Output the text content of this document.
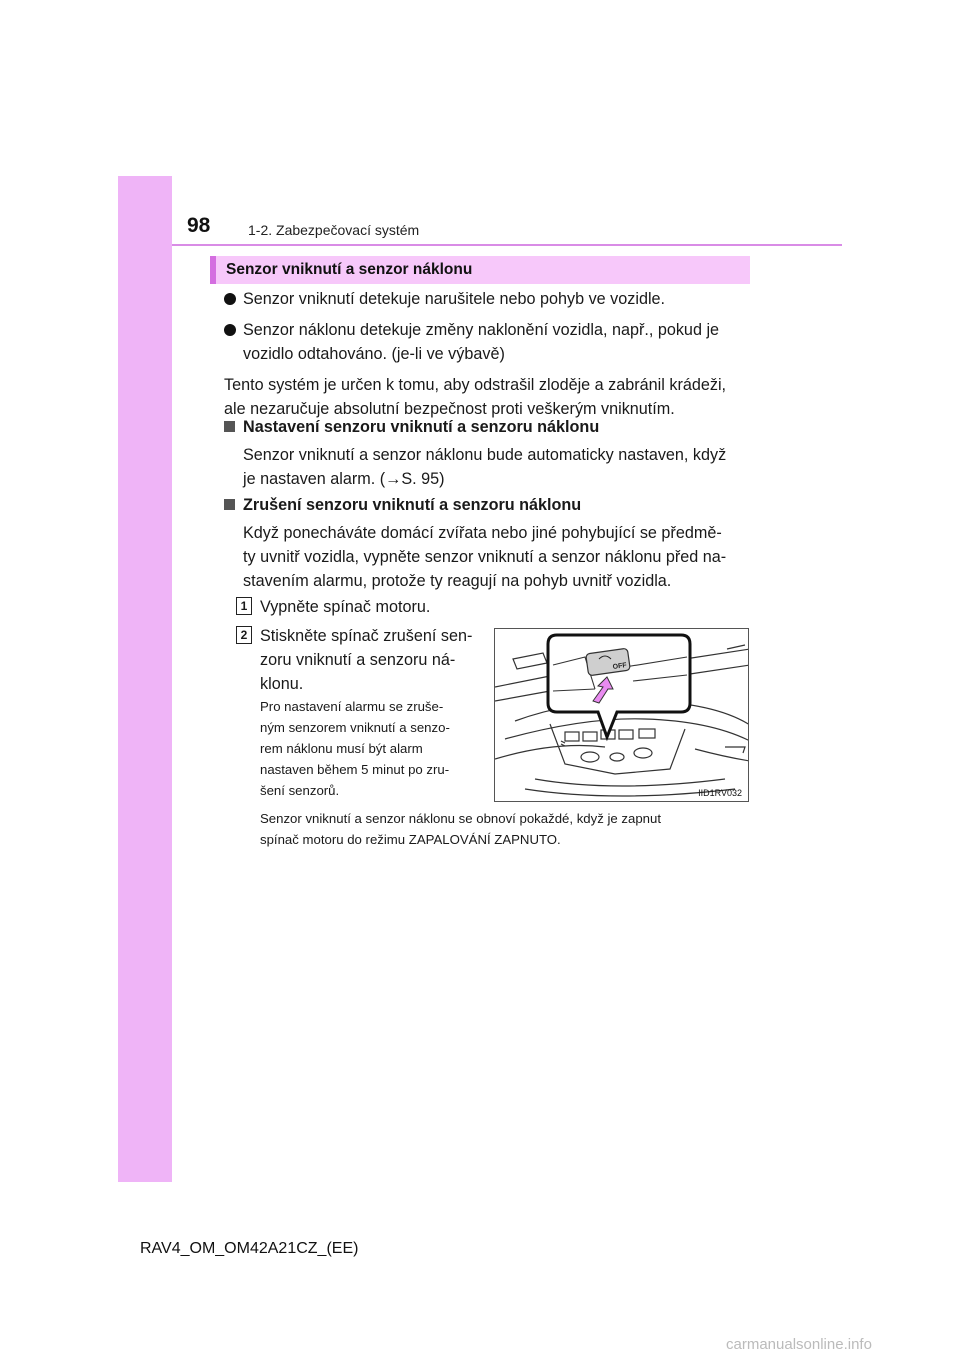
98	1-2. Zabezpečovací systém
Senzor vniknutí a senzor náklonu
Senzor vniknutí detekuje narušitele nebo pohyb ve vozidle.
Senzor náklonu detekuje změny naklonění vozidla, např., pokud je
vozidlo odtahováno. (je-li ve výbavě)
Tento systém je určen k tomu, aby odstrašil zloděje a zabránil krádeži,
ale nezaručuje absolutní bezpečnost proti veškerým vniknutím.
Nastavení senzoru vniknutí a senzoru náklonu
Senzor vniknutí a senzor náklonu bude automaticky nastaven, když
je nastaven alarm. (→S. 95)
Zrušení senzoru vniknutí a senzoru náklonu
Když ponecháváte domácí zvířata nebo jiné pohybující se předmě-
ty uvnitř vozidla, vypněte senzor vniknutí a senzor náklonu před na-
stavením alarmu, protože ty reagují na pohyb uvnitř vozidla.
1 Vypněte spínač motoru.
2 Stiskněte spínač zrušení sen-
zoru vniknutí a senzoru ná-
klonu.
Pro nastavení alarmu se zruše-
ným senzorem vniknutí a senzo-
rem náklonu musí být alarm
nastaven během 5 minut po zru-
šení senzorů.
OFF
IID1RV032
Senzor vniknutí a senzor náklonu se obnoví pokaždé, když je zapnut
spínač motoru do režimu ZAPALOVÁNÍ ZAPNUTO.
RAV4_OM_OM42A21CZ_(EE)
carmanualsonline.info
